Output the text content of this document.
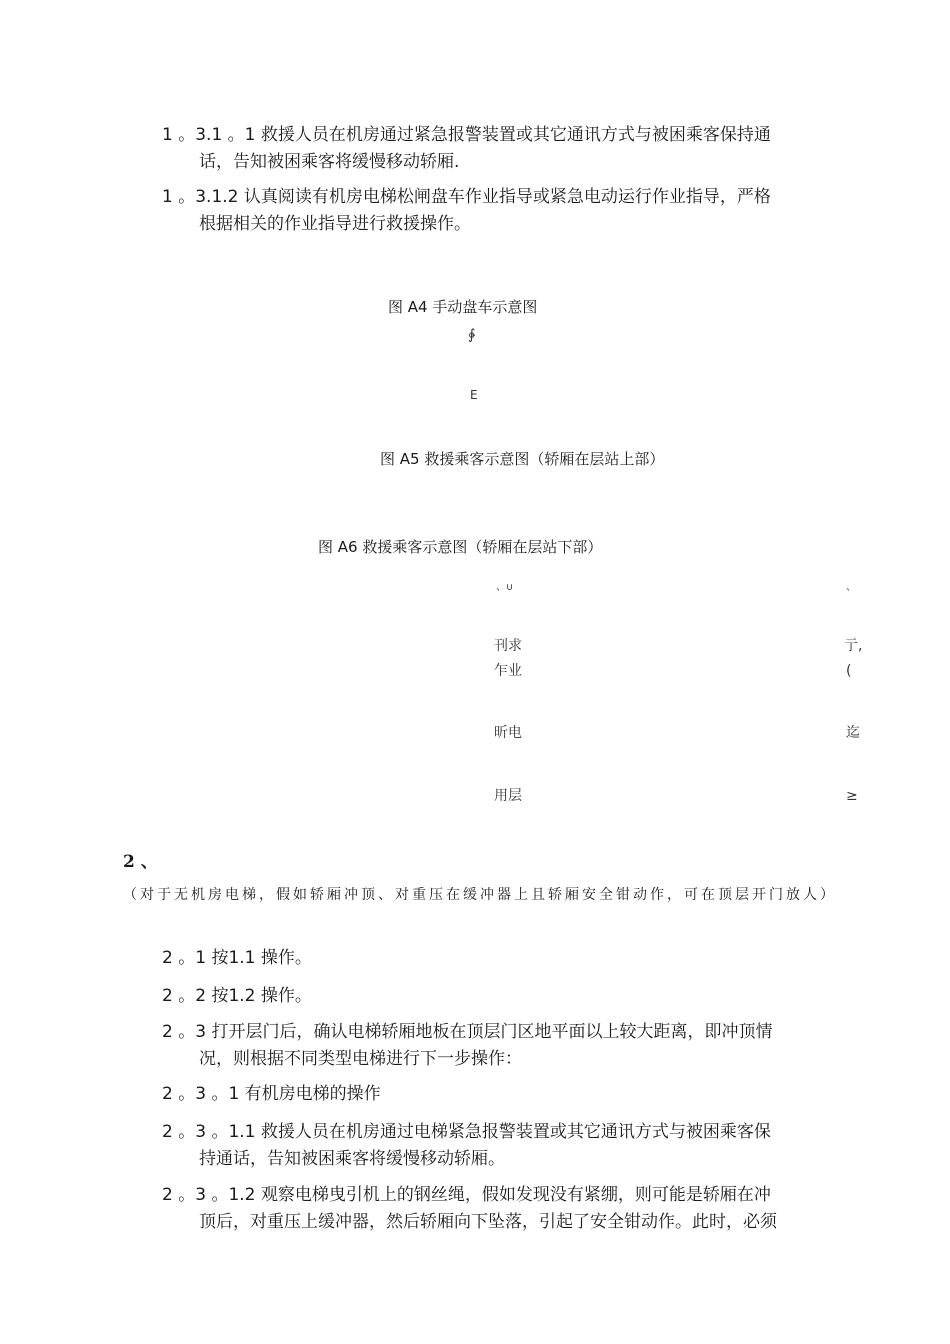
1 。3.1 。1 救援人员在机房通过紧急报警装置或其它通讯方式与被困乘客保持通
话，告知被困乘客将缓慢移动轿厢.

1 。3.1.2 认真阅读有机房电梯松闸盘车作业指导或紧急电动运行作业指导，严格
根据相关的作业指导进行救援操作。

图 A4 手动盘车示意图
∲
E
图 A5 救援乘客示意图（轿厢在层站上部）
图 A6 救援乘客示意图（轿厢在层站下部）
、∪	、
刊求	亍,
乍业	(
昕电	迄
用层	≥
2 、
（对于无机房电梯，假如轿厢冲顶、对重压在缓冲器上且轿厢安全钳动作，可在顶层开门放人）

2 。1 按1.1 操作。

2 。2 按1.2 操作。

2 。3 打开层门后，确认电梯轿厢地板在顶层门区地平面以上较大距离，即冲顶情
况，则根据不同类型电梯进行下一步操作：

2 。3 。1 有机房电梯的操作

2 。3 。1.1 救援人员在机房通过电梯紧急报警装置或其它通讯方式与被困乘客保
持通话，告知被困乘客将缓慢移动轿厢。

2 。3 。1.2 观察电梯曳引机上的钢丝绳，假如发现没有紧绷，则可能是轿厢在冲
顶后，对重压上缓冲器，然后轿厢向下坠落，引起了安全钳动作。此时，必须
